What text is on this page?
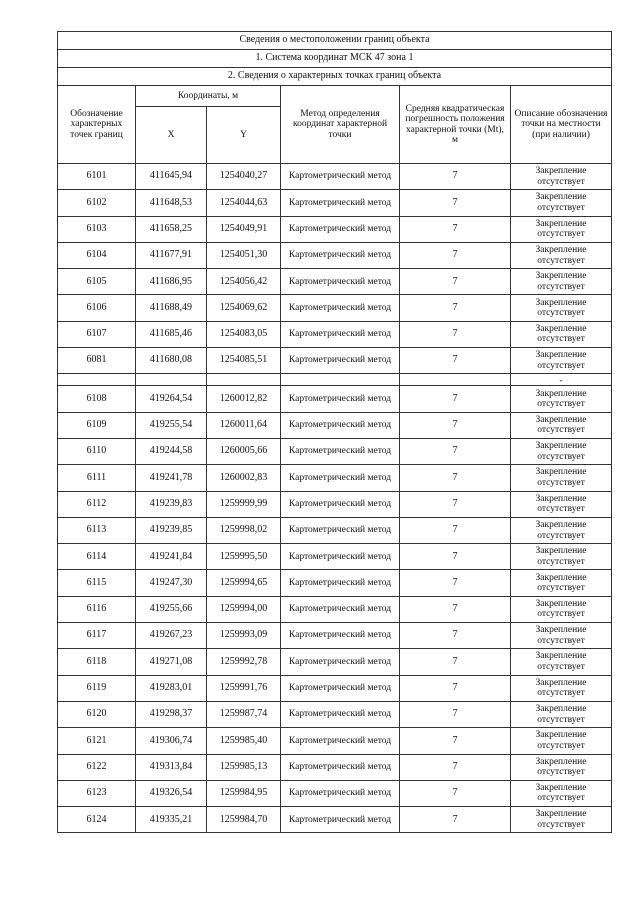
Сведения о местоположении границ объекта					
1. Система координат МСК 47 зона 1					
2. Сведения о характерных точках границ объекта					
Обозначение характерных точек границ	Координаты, м		Метод определения координат характерной точки	Средняя квадратическая погрешность положения характерной точки (Mt), м	Описание обозначения точки на местности (при наличии)
	X	Y			
6101	411645,94	1254040,27	Картометрический метод	7	Закрепление отсутствует
6102	411648,53	1254044,63	Картометрический метод	7	Закрепление отсутствует
6103	411658,25	1254049,91	Картометрический метод	7	Закрепление отсутствует
6104	411677,91	1254051,30	Картометрический метод	7	Закрепление отсутствует
6105	411686,95	1254056,42	Картометрический метод	7	Закрепление отсутствует
6106	411688,49	1254069,62	Картометрический метод	7	Закрепление отсутствует
6107	411685,46	1254083,05	Картометрический метод	7	Закрепление отсутствует
6081	411680,08	1254085,51	Картометрический метод	7	Закрепление отсутствует
					-
6108	419264,54	1260012,82	Картометрический метод	7	Закрепление отсутствует
6109	419255,54	1260011,64	Картометрический метод	7	Закрепление отсутствует
6110	419244,58	1260005,66	Картометрический метод	7	Закрепление отсутствует
6111	419241,78	1260002,83	Картометрический метод	7	Закрепление отсутствует
6112	419239,83	1259999,99	Картометрический метод	7	Закрепление отсутствует
6113	419239,85	1259998,02	Картометрический метод	7	Закрепление отсутствует
6114	419241,84	1259995,50	Картометрический метод	7	Закрепление отсутствует
6115	419247,30	1259994,65	Картометрический метод	7	Закрепление отсутствует
6116	419255,66	1259994,00	Картометрический метод	7	Закрепление отсутствует
6117	419267,23	1259993,09	Картометрический метод	7	Закрепление отсутствует
6118	419271,08	1259992,78	Картометрический метод	7	Закрепление отсутствует
6119	419283,01	1259991,76	Картометрический метод	7	Закрепление отсутствует
6120	419298,37	1259987,74	Картометрический метод	7	Закрепление отсутствует
6121	419306,74	1259985,40	Картометрический метод	7	Закрепление отсутствует
6122	419313,84	1259985,13	Картометрический метод	7	Закрепление отсутствует
6123	419326,54	1259984,95	Картометрический метод	7	Закрепление отсутствует
6124	419335,21	1259984,70	Картометрический метод	7	Закрепление отсутствует
